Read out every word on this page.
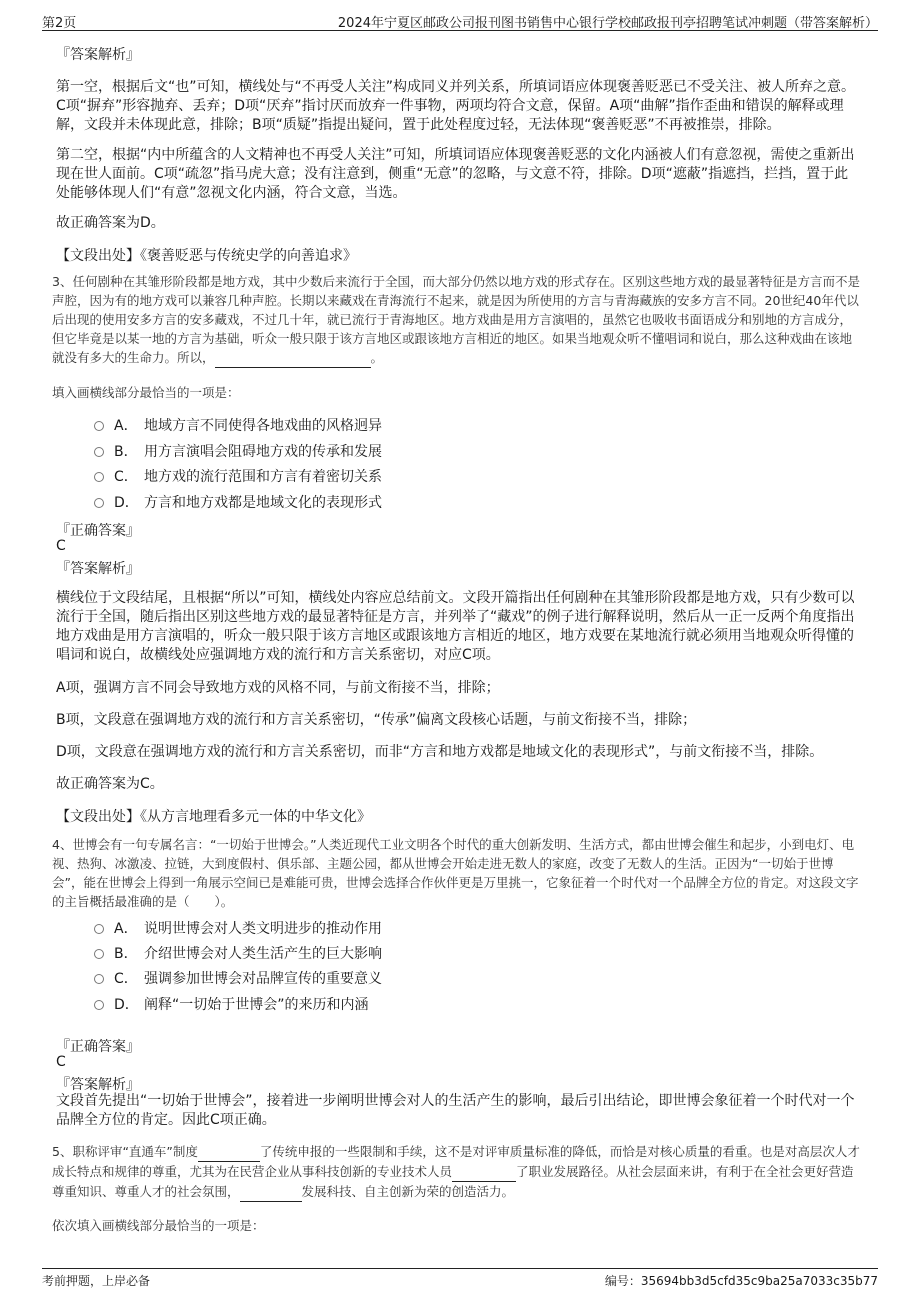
第2页	2024年宁夏区邮政公司报刊图书销售中心银行学校邮政报刊亭招聘笔试冲刺题（带答案解析）
『答案解析』
第一空，根据后文“也”可知，横线处与“不再受人关注”构成同义并列关系，所填词语应体现褒善贬恶已不受关注、被人所弃之意。C项“摒弃”形容抛弃、丢弃；D项“厌弃”指讨厌而放弃一件事物，两项均符合文意，保留。A项“曲解”指作歪曲和错误的解释或理解，文段并未体现此意，排除；B项“质疑”指提出疑问，置于此处程度过轻，无法体现“褒善贬恶”不再被推崇，排除。
第二空，根据“内中所蕴含的人文精神也不再受人关注”可知，所填词语应体现褒善贬恶的文化内涵被人们有意忽视，需使之重新出现在世人面前。C项“疏忽”指马虎大意；没有注意到，侧重“无意”的忽略，与文意不符，排除。D项“遮蔽”指遮挡，拦挡，置于此处能够体现人们“有意”忽视文化内涵，符合文意，当选。
故正确答案为D。
【文段出处】《褒善贬恶与传统史学的向善追求》
3、任何剧种在其雏形阶段都是地方戏，其中少数后来流行于全国，而大部分仍然以地方戏的形式存在。区别这些地方戏的最显著特征是方言而不是声腔，因为有的地方戏可以兼容几种声腔。长期以来藏戏在青海流行不起来，就是因为所使用的方言与青海藏族的安多方言不同。20世纪40年代以后出现的使用安多方言的安多藏戏，不过几十年，就已流行于青海地区。地方戏曲是用方言演唱的，虽然它也吸收书面语成分和别地的方言成分，但它毕竟是以某一地的方言为基础，听众一般只限于该方言地区或跟该地方言相近的地区。如果当地观众听不懂唱词和说白，那么这种戏曲在该地就没有多大的生命力。所以，	。
填入画横线部分最恰当的一项是：
A． 地域方言不同使得各地戏曲的风格迥异
B． 用方言演唱会阻碍地方戏的传承和发展
C． 地方戏的流行范围和方言有着密切关系
D． 方言和地方戏都是地域文化的表现形式
『正确答案』
C
『答案解析』
横线位于文段结尾，且根据“所以”可知，横线处内容应总结前文。文段开篇指出任何剧种在其雏形阶段都是地方戏，只有少数可以流行于全国，随后指出区别这些地方戏的最显著特征是方言，并列举了“藏戏”的例子进行解释说明，然后从一正一反两个角度指出地方戏曲是用方言演唱的，听众一般只限于该方言地区或跟该地方言相近的地区，地方戏要在某地流行就必须用当地观众听得懂的唱词和说白，故横线处应强调地方戏的流行和方言关系密切，对应C项。
A项，强调方言不同会导致地方戏的风格不同，与前文衔接不当，排除；
B项，文段意在强调地方戏的流行和方言关系密切，“传承”偏离文段核心话题，与前文衔接不当，排除；
D项，文段意在强调地方戏的流行和方言关系密切，而非“方言和地方戏都是地域文化的表现形式”，与前文衔接不当，排除。
故正确答案为C。
【文段出处】《从方言地理看多元一体的中华文化》
4、世博会有一句专属名言：“一切始于世博会。”人类近现代工业文明各个时代的重大创新发明、生活方式，都由世博会催生和起步，小到电灯、电视、热狗、冰激凌、拉链，大到度假村、俱乐部、主题公园，都从世博会开始走进无数人的家庭，改变了无数人的生活。正因为“一切始于世博会”，能在世博会上得到一角展示空间已是难能可贵，世博会选择合作伙伴更是万里挑一，它象征着一个时代对一个品牌全方位的肯定。对这段文字的主旨概括最准确的是（　　）。
A． 说明世博会对人类文明进步的推动作用
B． 介绍世博会对人类生活产生的巨大影响
C． 强调参加世博会对品牌宣传的重要意义
D． 阐释“一切始于世博会”的来历和内涵
『正确答案』
C
『答案解析』
文段首先提出“一切始于世博会”，接着进一步阐明世博会对人的生活产生的影响，最后引出结论，即世博会象征着一个时代对一个品牌全方位的肯定。因此C项正确。
5、职称评审“直通车”制度	了传统申报的一些限制和手续，这不是对评审质量标准的降低，而恰是对核心质量的看重。也是对高层次人才成长特点和规律的尊重，尤其为在民营企业从事科技创新的专业技术人员	了职业发展路径。从社会层面来讲，有利于在全社会更好营造尊重知识、尊重人才的社会氛围，	发展科技、自主创新为荣的创造活力。
依次填入画横线部分最恰当的一项是：
考前押题，上岸必备	编号：35694bb3d5cfd35c9ba25a7033c35b77
